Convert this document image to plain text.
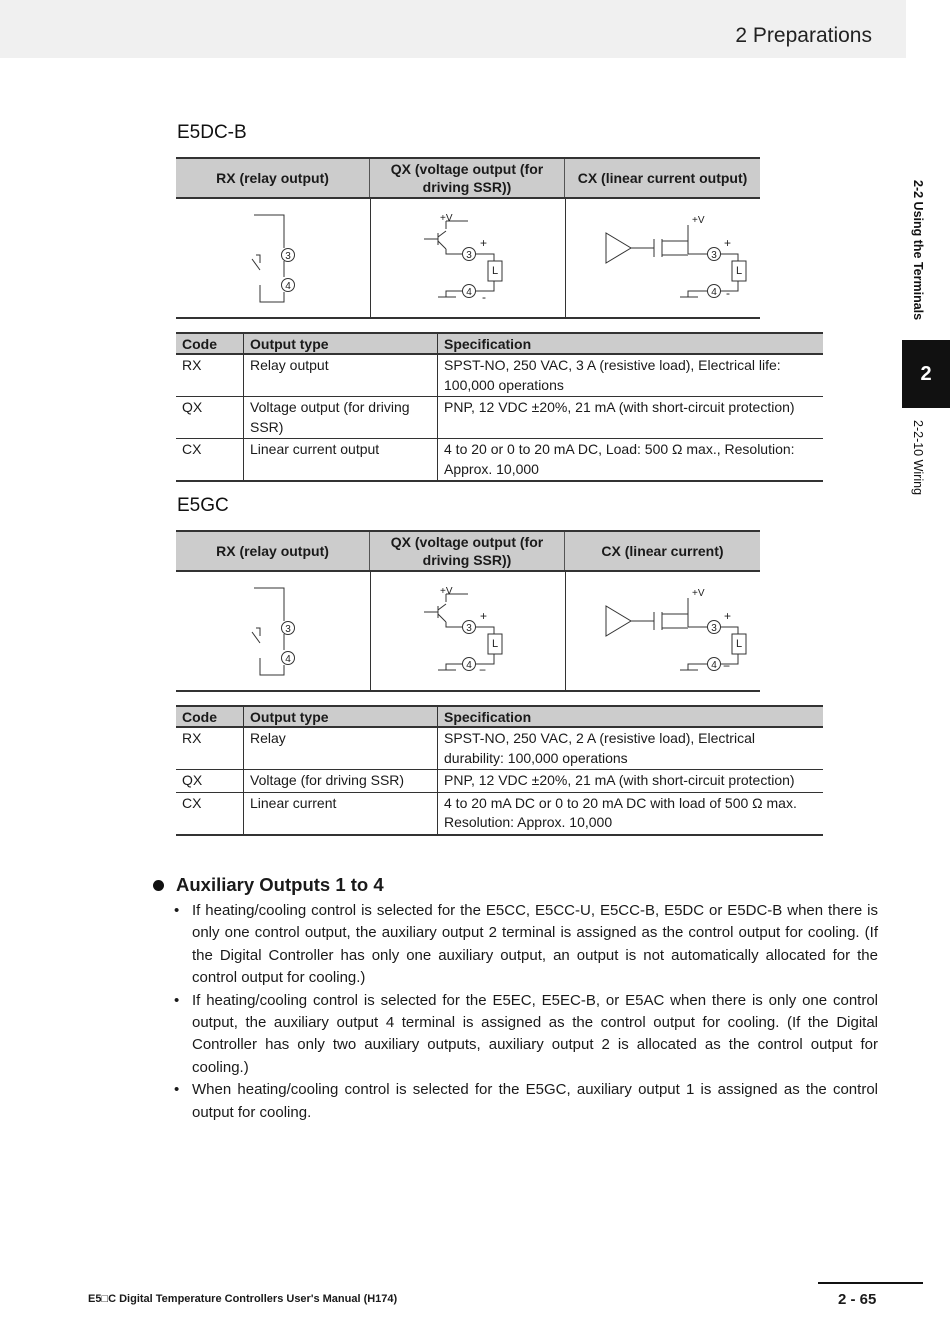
2 Preparations
2-2 Using the Terminals
2
2-2-10 Wiring
E5DC-B
RX (relay output)
QX (voltage output (for driving SSR))
CX (linear current output)
3
4
3
4
3
4
+V	+V
L	L
+
-
+
-
Code	Output type	Specification
RX	Relay output	SPST-NO, 250 VAC, 3 A (resistive load), Electrical life: 100,000 operations
QX	Voltage output (for driving SSR)	PNP, 12 VDC ±20%, 21 mA (with short-circuit protection)
CX	Linear current output	4 to 20 or 0 to 20 mA DC, Load: 500 Ω max., Resolution: Approx. 10,000
E5GC
RX (relay output)
QX (voltage output (for driving SSR))
CX (linear current)
3
4
3
4
3
4
+V	+V
L	L
+
−
+
−
Code	Output type	Specification
RX	Relay	SPST-NO, 250 VAC, 2 A (resistive load), Electrical durability: 100,000 operations
QX	Voltage (for driving SSR)	PNP, 12 VDC ±20%, 21 mA (with short-circuit protection)
CX	Linear current	4 to 20 mA DC or 0 to 20 mA DC with load of 500 Ω max. Resolution: Approx. 10,000
Auxiliary Outputs 1 to 4
• If heating/cooling control is selected for the E5CC, E5CC-U, E5CC-B, E5DC or E5DC-B when there is only one control output, the auxiliary output 2 terminal is assigned as the control output for cooling. (If the Digital Controller has only one auxiliary output, an output is not automatically allocated for the control output for cooling.)
• If heating/cooling control is selected for the E5EC, E5EC-B, or E5AC when there is only one control output, the auxiliary output 4 terminal is assigned as the control output for cooling. (If the Digital Controller has only two auxiliary outputs, auxiliary output 2 is allocated as the control output for cooling.)
• When heating/cooling control is selected for the E5GC, auxiliary output 1 is assigned as the control output for cooling.
E5□C Digital Temperature Controllers User's Manual (H174)	2 - 65
